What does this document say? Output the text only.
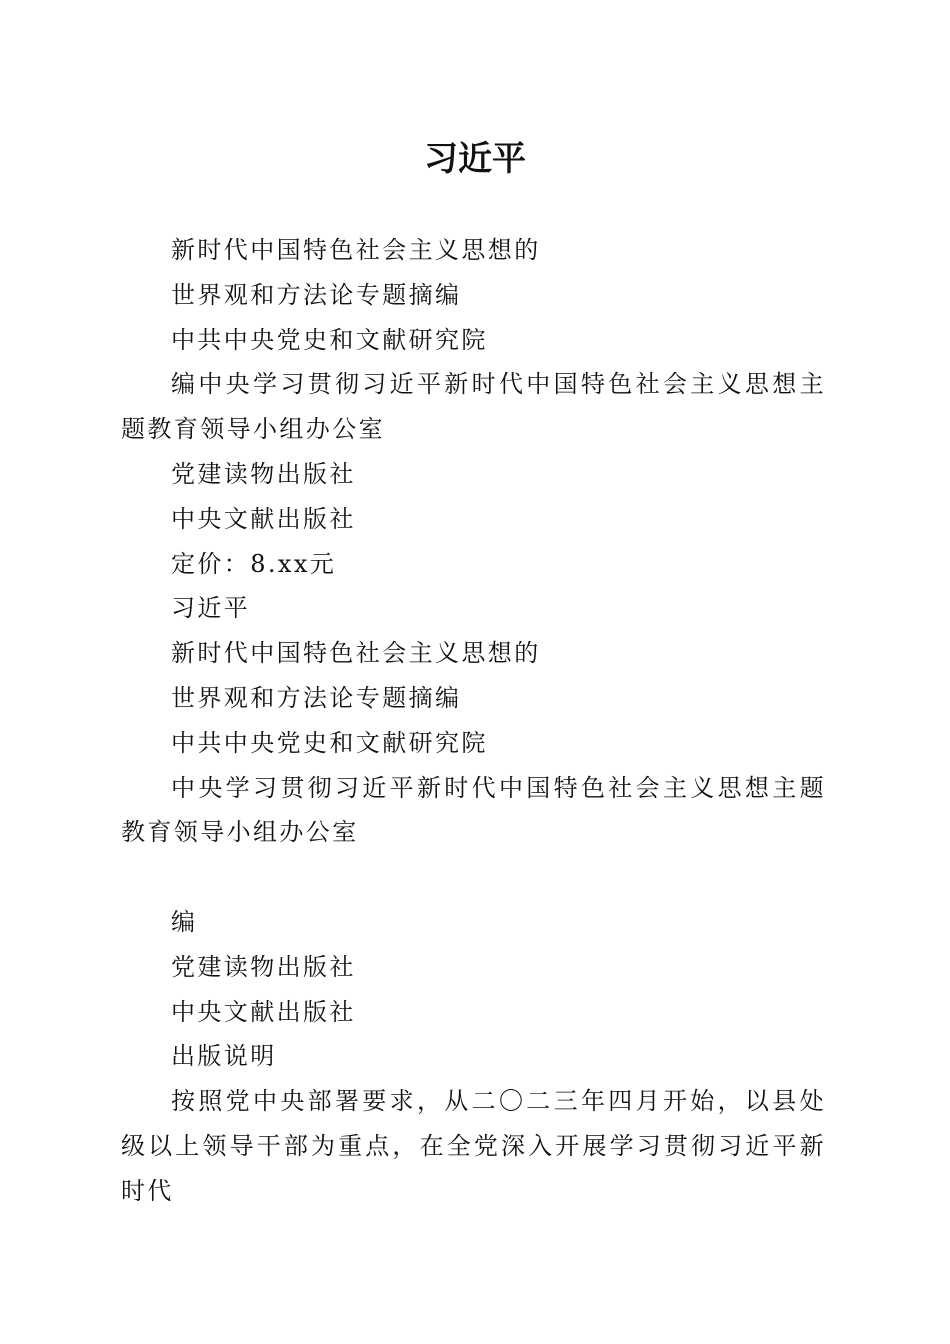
习近平

新时代中国特色社会主义思想的

世界观和方法论专题摘编

中共中央党史和文献研究院

编中央学习贯彻习近平新时代中国特色社会主义思想主题教育领导小组办公室

党建读物出版社

中央文献出版社

定价：8.xx元

习近平

新时代中国特色社会主义思想的

世界观和方法论专题摘编

中共中央党史和文献研究院

中央学习贯彻习近平新时代中国特色社会主义思想主题教育领导小组办公室

编

党建读物出版社

中央文献出版社

出版说明

按照党中央部署要求，从二〇二三年四月开始，以县处级以上领导干部为重点，在全党深入开展学习贯彻习近平新时代
